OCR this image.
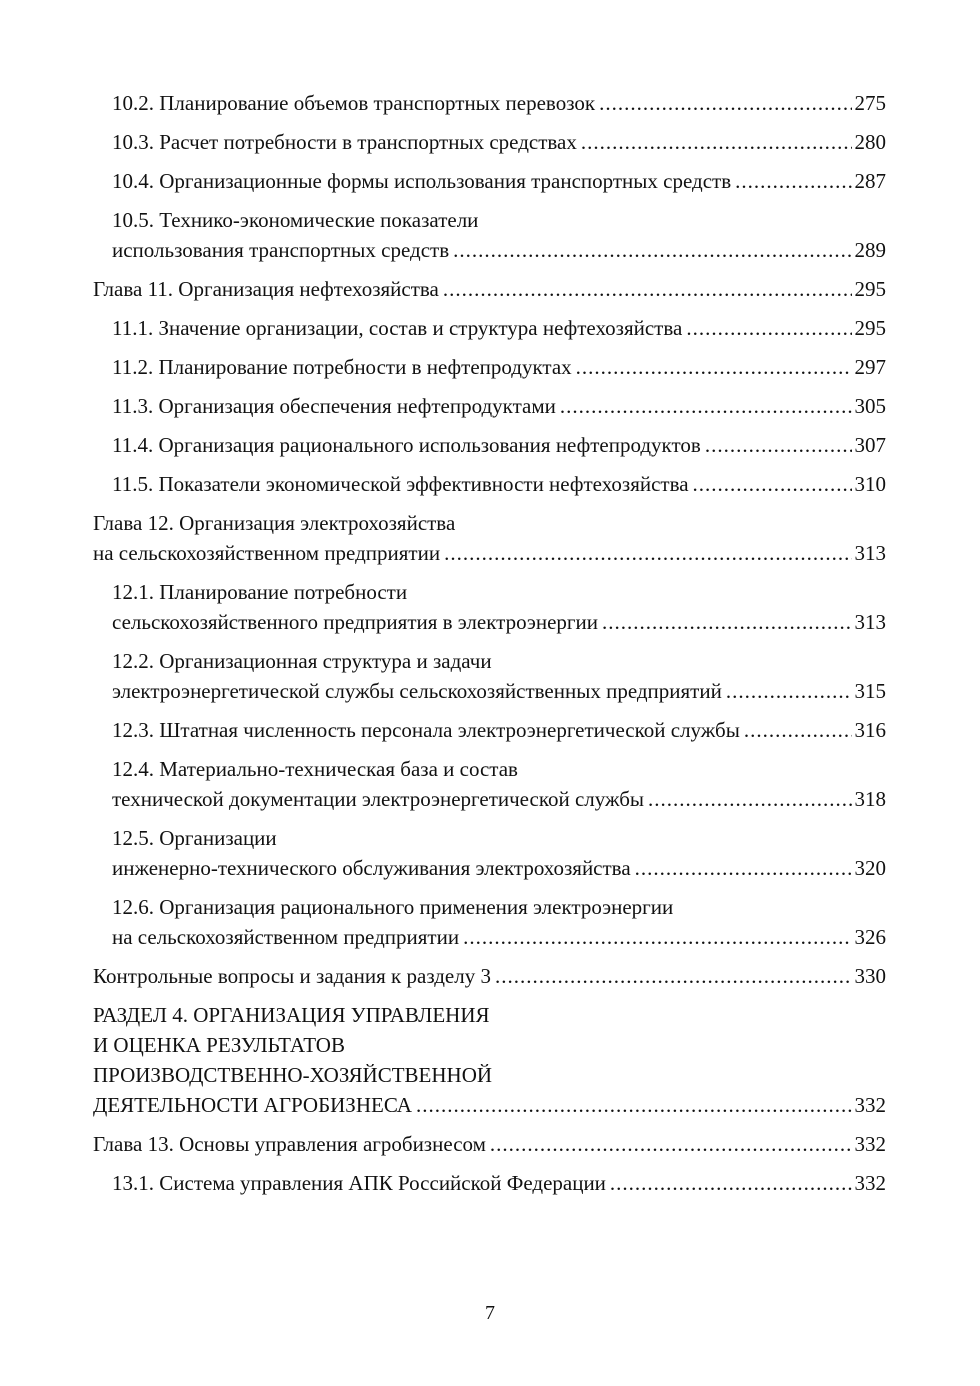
10.2. Планирование объемов транспортных перевозок .....	275
10.3. Расчет потребности в транспортных средствах .....	280
10.4. Организационные формы использования транспортных средств .....	287
10.5. Технико-экономические показатели
использования транспортных средств .....	289
Глава 11. Организация нефтехозяйства .....	295
11.1. Значение организации, состав и структура нефтехозяйства .....	295
11.2. Планирование потребности в нефтепродуктах .....	297
11.3. Организация обеспечения нефтепродуктами .....	305
11.4. Организация рационального использования нефтепродуктов .....	307
11.5. Показатели экономической эффективности нефтехозяйства .....	310
Глава 12. Организация электрохозяйства
на сельскохозяйственном предприятии .....	313
12.1. Планирование потребности
сельскохозяйственного предприятия в электроэнергии .....	313
12.2. Организационная структура и задачи
электроэнергетической службы сельскохозяйственных предприятий .....	315
12.3. Штатная численность персонала электроэнергетической службы .....	316
12.4. Материально-техническая база и состав
технической документации электроэнергетической службы .....	318
12.5. Организации
инженерно-технического обслуживания электрохозяйства .....	320
12.6. Организация рационального применения электроэнергии
на сельскохозяйственном предприятии .....	326
Контрольные вопросы и задания к разделу 3 .....	330
РАЗДЕЛ 4. ОРГАНИЗАЦИЯ УПРАВЛЕНИЯ
И ОЦЕНКА РЕЗУЛЬТАТОВ
ПРОИЗВОДСТВЕННО-ХОЗЯЙСТВЕННОЙ
ДЕЯТЕЛЬНОСТИ АГРОБИЗНЕСА .....	332
Глава 13. Основы управления агробизнесом .....	332
13.1. Система управления АПК Российской Федерации .....	332
7
